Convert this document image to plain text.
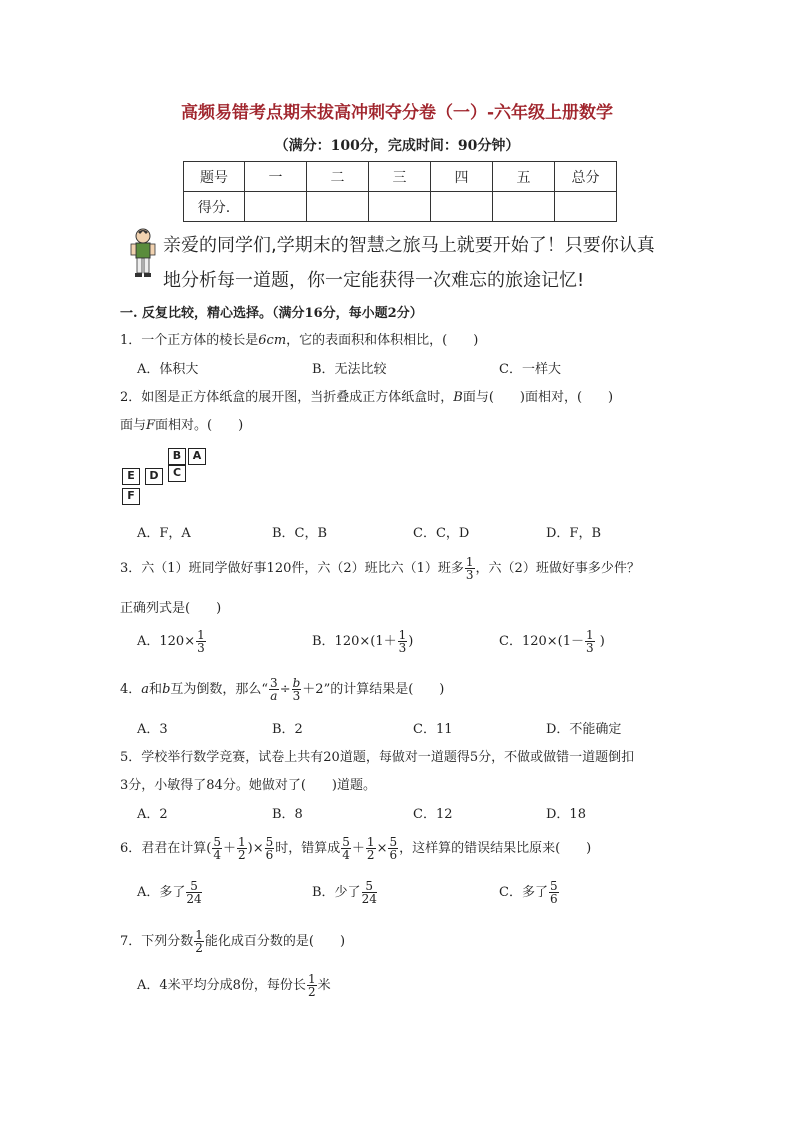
高频易错考点期末拔高冲刺夺分卷（一）-六年级上册数学
（满分：100分，完成时间：90分钟）
题号	一	二	三	四	五	总分
得分.						
亲爱的同学们,学期末的智慧之旅马上就要开始了！只要你认真
地分析每一道题，你一定能获得一次难忘的旅途记忆!
一. 反复比较，精心选择。（满分16分，每小题2分）
1．一个正方体的棱长是6cm，它的表面积和体积相比，(　　)
A．体积大	B．无法比较	C．一样大
2．如图是正方体纸盒的展开图，当折叠成正方体纸盒时，B面与(　　)面相对，(　　)
面与F面相对。(　　)
B	A
E	D	C
F
A．F，A	B．C，B	C．C，D	D．F，B
3．六（1）班同学做好事120件，六（2）班比六（1）班多 $\frac{1}{3}$ ，六（2）班做好事多少件？
正确列式是(　　)
A．$120\times \frac{1}{3}$	B．$120\times(1+ \frac{1}{3}$ )	C．$120\times(1- \frac{1}{3}$ )
4．a和b互为倒数，那么“ $\frac{3}{a} \div \frac{b}{3} +2$”的计算结果是(　　)
A．3	B．2	C．11	D．不能确定
5．学校举行数学竞赛，试卷上共有20道题，每做对一道题得5分，不做或做错一道题倒扣
3分，小敏得了84分。她做对了(　　)道题。
A．2	B．8	C．12	D．18
6．君君在计算( $\frac{5}{4} + \frac{1}{2}$ )× $\frac{5}{6}$ 时，错算成 $\frac{5}{4} + \frac{1}{2} \times \frac{5}{6}$ ，这样算的错误结果比原来(　　)
A．多了 $\frac{5}{24}$	B．少了 $\frac{5}{24}$	C．多了 $\frac{5}{6}$
7．下列分数 $\frac{1}{2}$ 能化成百分数的是(　　)
A．4米平均分成8份，每份长 $\frac{1}{2}$ 米
